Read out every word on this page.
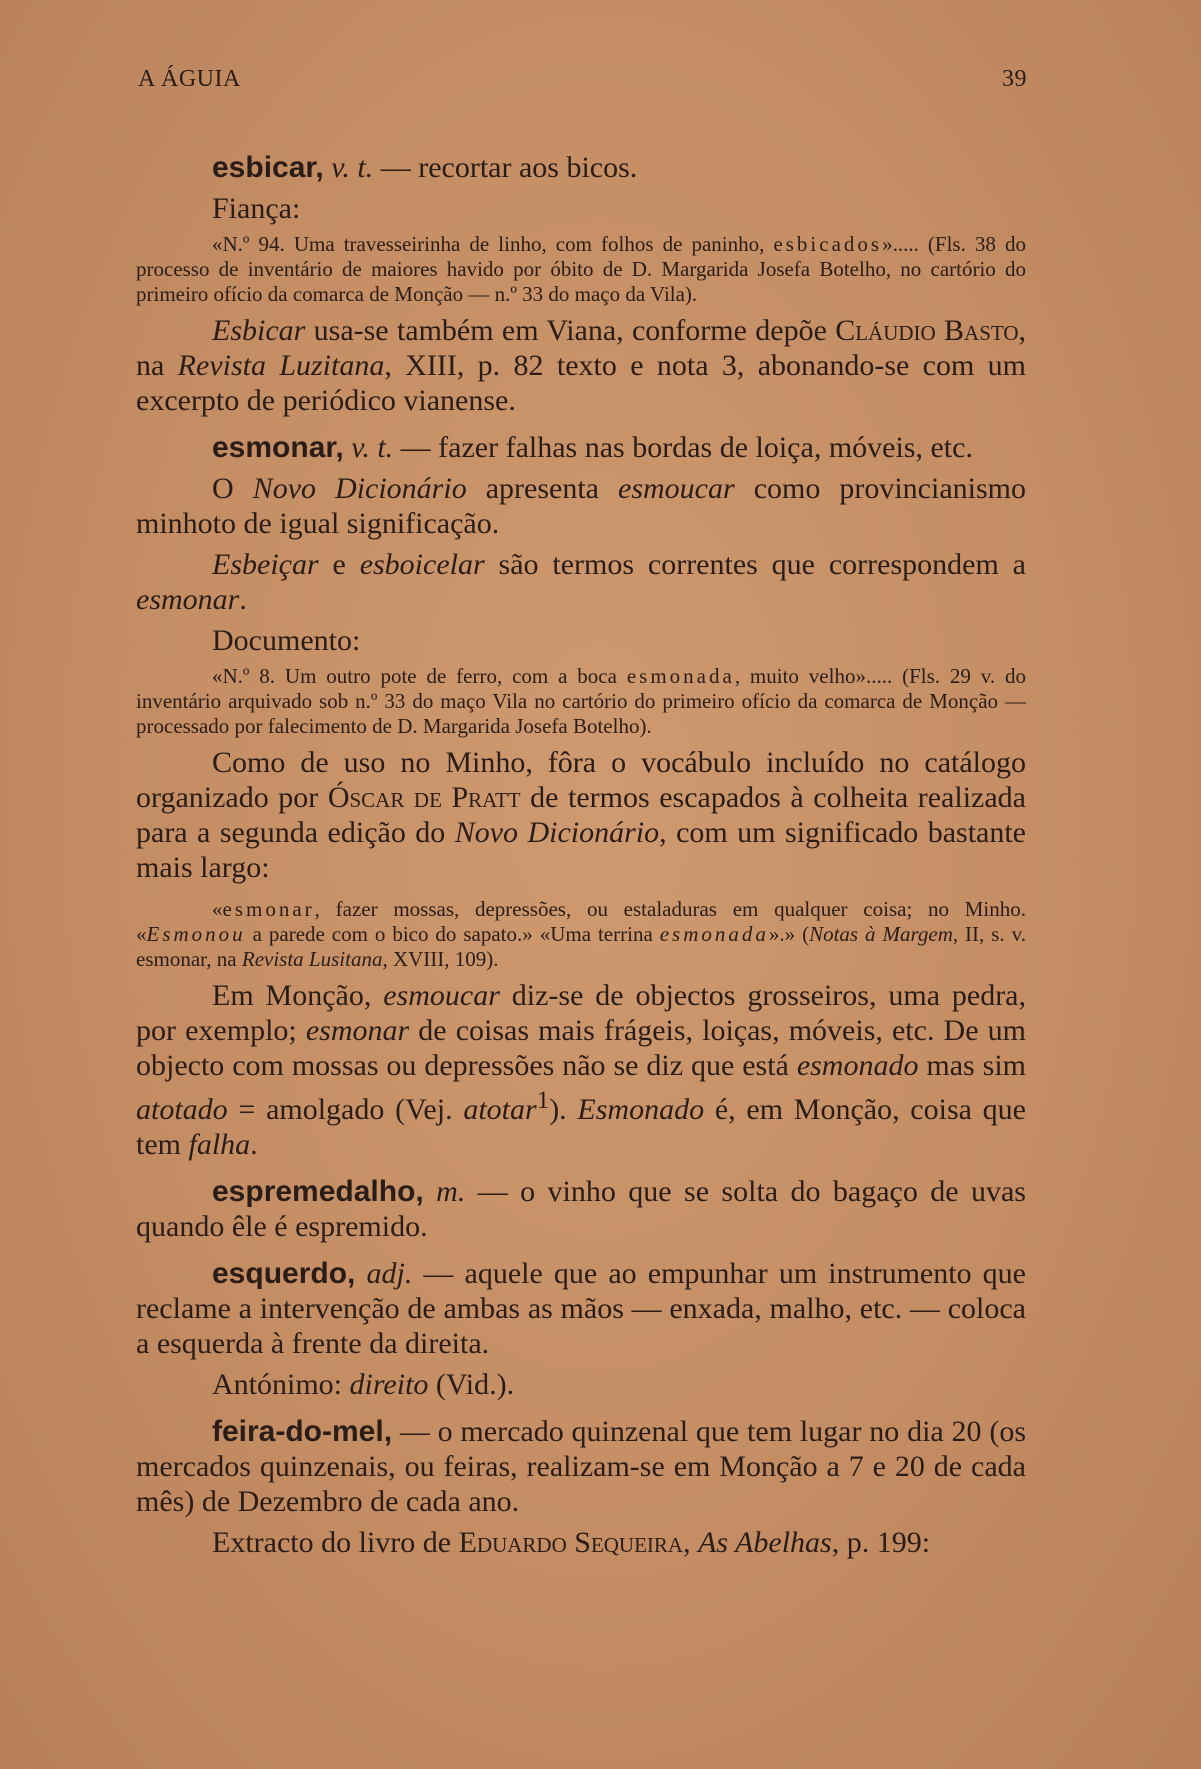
A ÁGUIA	39

esbicar, v. t. — recortar aos bicos.

Fiança:

«N.º 94. Uma travesseirinha de linho, com folhos de paninho, esbicados»..... (Fls. 38 do processo de inventário de maiores havido por óbito de D. Margarida Josefa Botelho, no cartório do primeiro ofício da comarca de Monção — n.º 33 do maço da Vila).

Esbicar usa-se também em Viana, conforme depõe Cláudio Basto, na Revista Luzitana, XIII, p. 82 texto e nota 3, abonando-se com um excerpto de periódico vianense.

esmonar, v. t. — fazer falhas nas bordas de loiça, móveis, etc.

O Novo Dicionário apresenta esmoucar como provincianismo minhoto de igual significação.

Esbeiçar e esboicelar são termos correntes que correspondem a esmonar.

Documento:

«N.º 8. Um outro pote de ferro, com a boca esmonada, muito velho»..... (Fls. 29 v. do inventário arquivado sob n.º 33 do maço Vila no cartório do primeiro ofício da comarca de Monção — processado por falecimento de D. Margarida Josefa Botelho).

Como de uso no Minho, fôra o vocábulo incluído no catálogo organizado por Óscar de Pratt de termos escapados à colheita realizada para a segunda edição do Novo Dicionário, com um significado bastante mais largo:

«esmonar, fazer mossas, depressões, ou estaladuras em qualquer coisa; no Minho. «Esmonou a parede com o bico do sapato.» «Uma terrina esmonada».» (Notas à Margem, II, s. v. esmonar, na Revista Lusitana, XVIII, 109).

Em Monção, esmoucar diz-se de objectos grosseiros, uma pedra, por exemplo; esmonar de coisas mais frágeis, loiças, móveis, etc. De um objecto com mossas ou depressões não se diz que está esmonado mas sim atotado = amolgado (Vej. atotar$^1$). Esmonado é, em Monção, coisa que tem falha.

espremedalho, m. — o vinho que se solta do bagaço de uvas quando êle é espremido.

esquerdo, adj. — aquele que ao empunhar um instrumento que reclame a intervenção de ambas as mãos — enxada, malho, etc. — coloca a esquerda à frente da direita.

Antónimo: direito (Vid.).

feira-do-mel, — o mercado quinzenal que tem lugar no dia 20 (os mercados quinzenais, ou feiras, realizam-se em Monção a 7 e 20 de cada mês) de Dezembro de cada ano.

Extracto do livro de Eduardo Sequeira, As Abelhas, p. 199:
